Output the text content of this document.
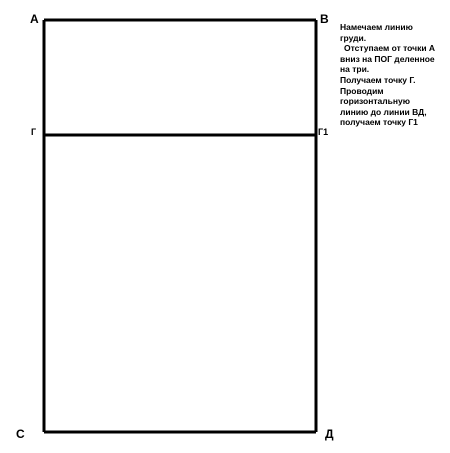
А	В
Г	Г1
С	Д
Намечаем линию
груди.
Отступаем от точки А
вниз на ПОГ деленное
на три.
Получаем точку Г.
Проводим
горизонтальную
линию до линии ВД,
получаем точку Г1
